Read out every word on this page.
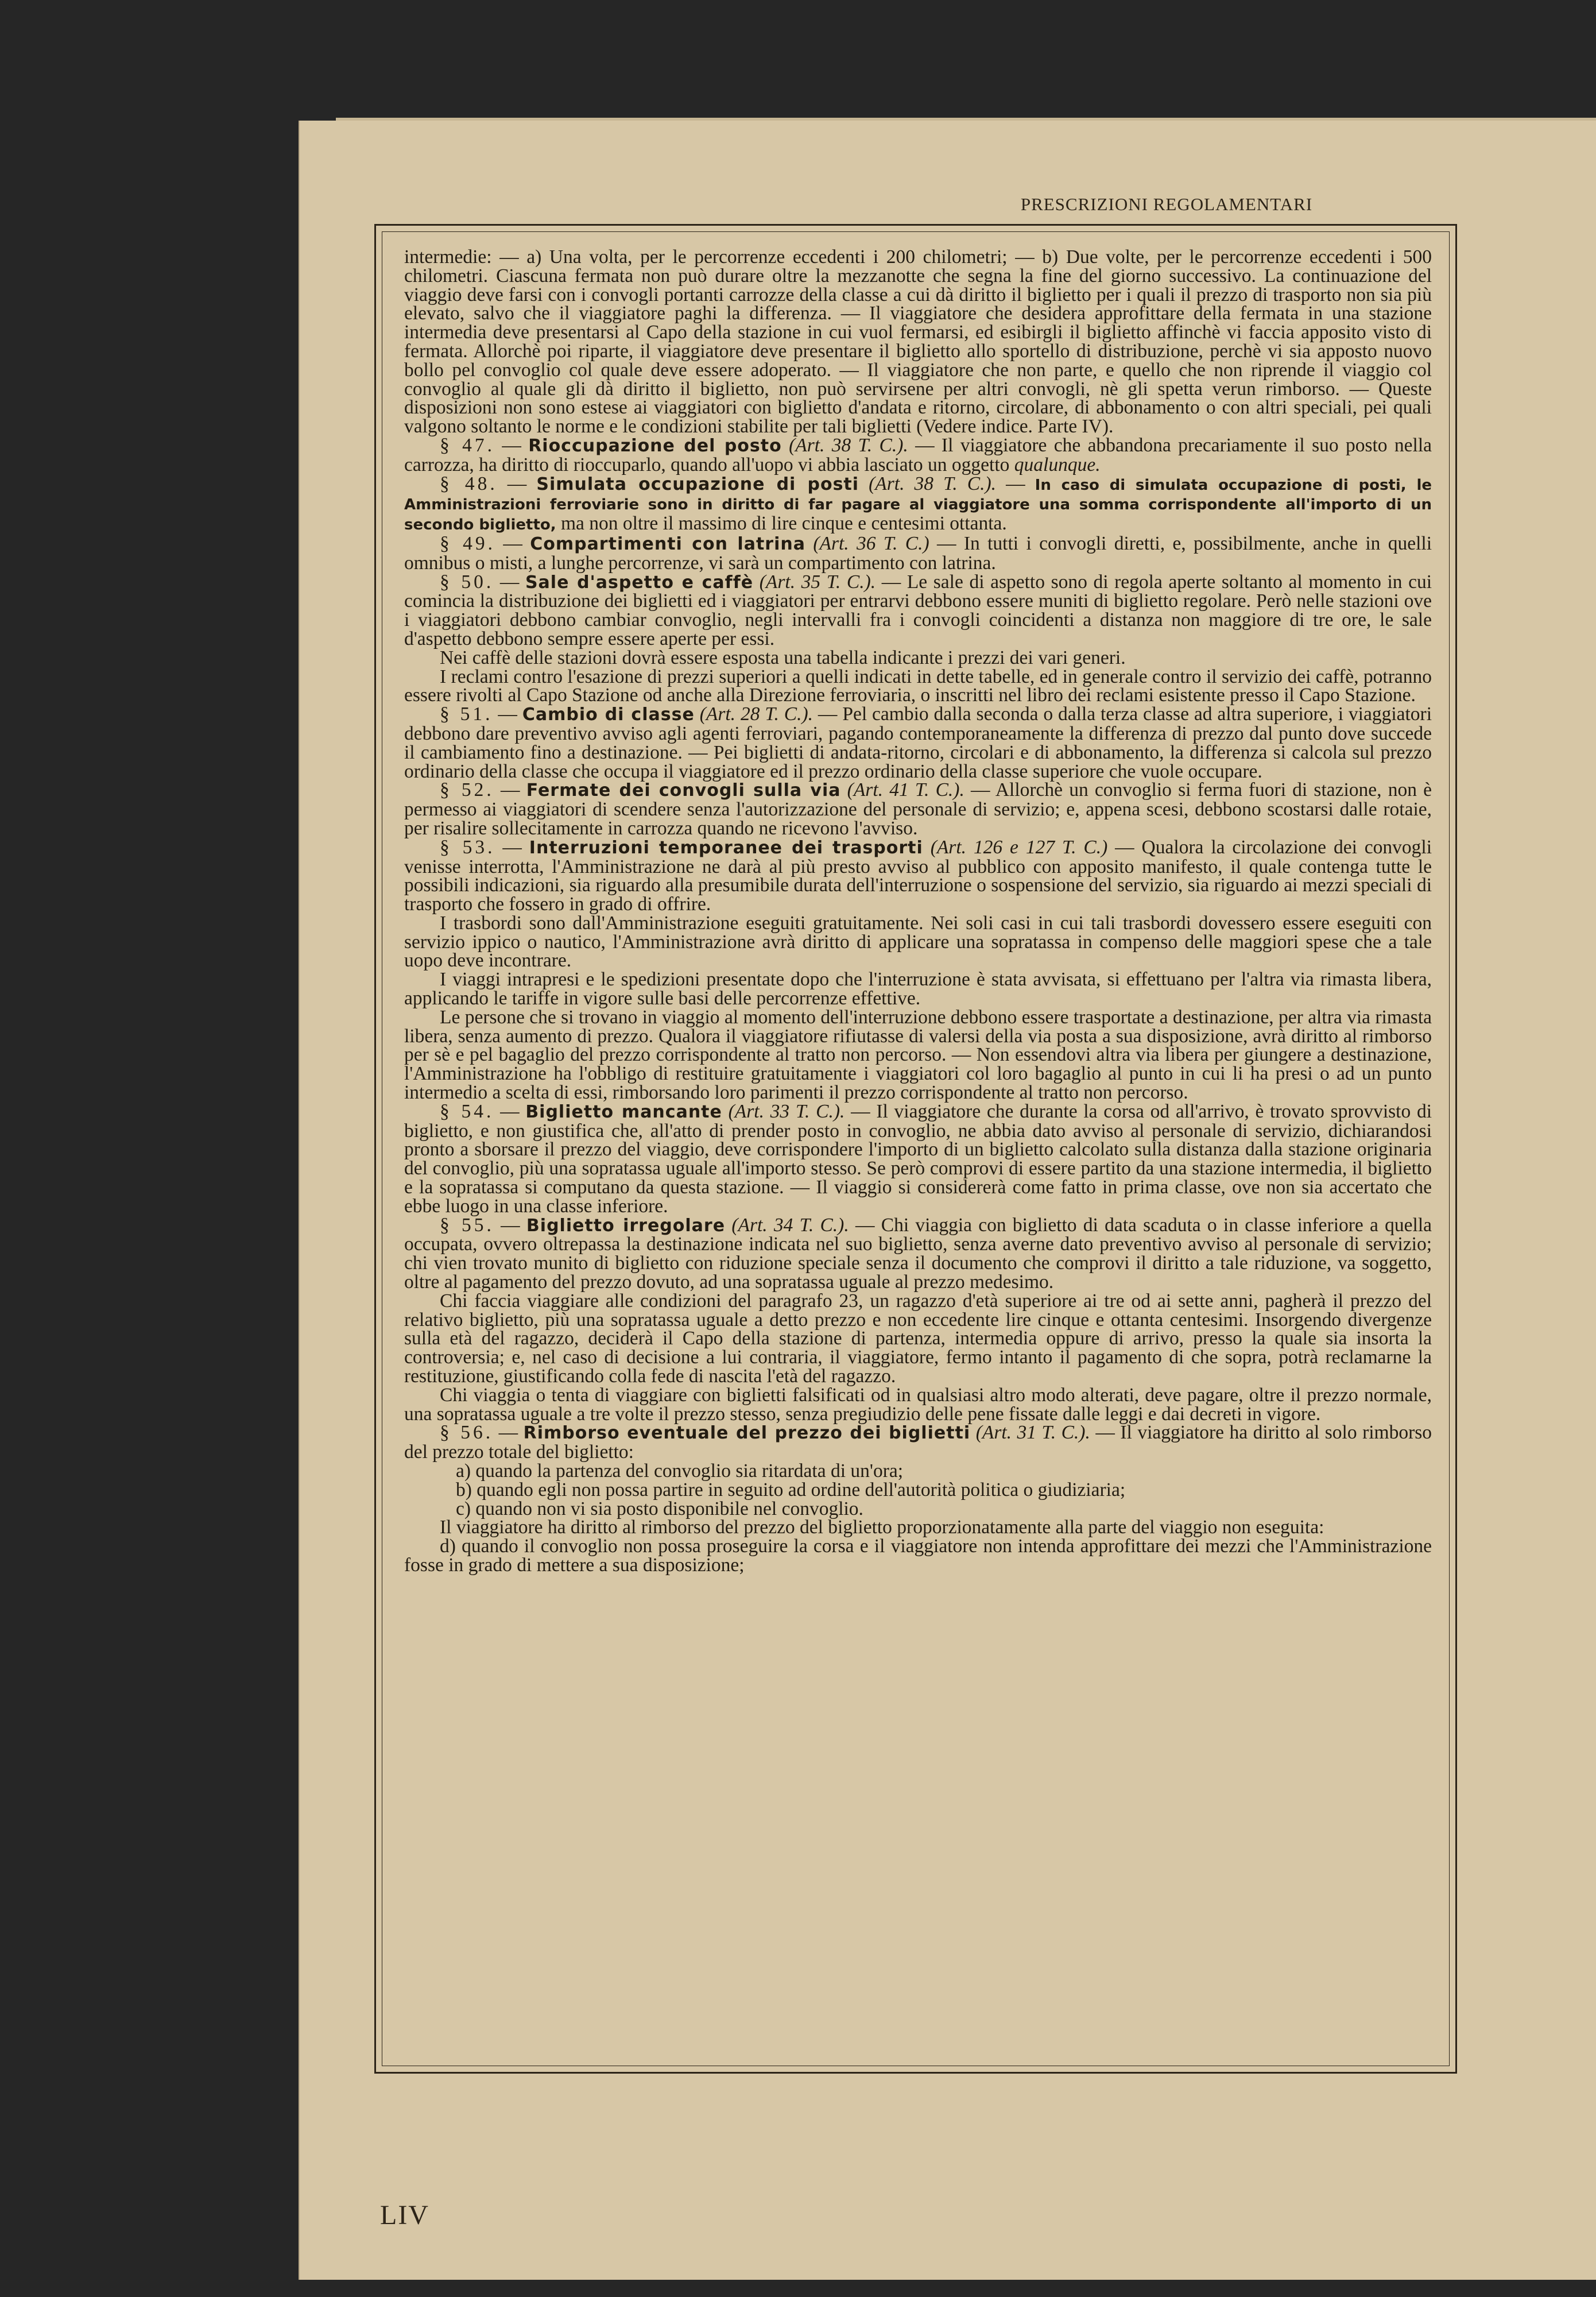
PRESCRIZIONI REGOLAMENTARI

intermedie: — a) Una volta, per le percorrenze eccedenti i 200 chilometri; — b) Due volte, per le percorrenze eccedenti i 500 chilometri. Ciascuna fermata non può durare oltre la mezzanotte che segna la fine del giorno successivo. La continuazione del viaggio deve farsi con i convogli portanti carrozze della classe a cui dà diritto il biglietto per i quali il prezzo di trasporto non sia più elevato, salvo che il viaggiatore paghi la differenza. — Il viaggiatore che desidera approfittare della fermata in una stazione intermedia deve presentarsi al Capo della stazione in cui vuol fermarsi, ed esibirgli il biglietto affinchè vi faccia apposito visto di fermata. Allorchè poi riparte, il viaggiatore deve presentare il biglietto allo sportello di distribuzione, perchè vi sia apposto nuovo bollo pel convoglio col quale deve essere adoperato. — Il viaggiatore che non parte, e quello che non riprende il viaggio col convoglio al quale gli dà diritto il biglietto, non può servirsene per altri convogli, nè gli spetta verun rimborso. — Queste disposizioni non sono estese ai viaggiatori con biglietto d'andata e ritorno, circolare, di abbonamento o con altri speciali, pei quali valgono soltanto le norme e le condizioni stabilite per tali biglietti (Vedere indice. Parte IV).

§ 47. — Rioccupazione del posto (Art. 38 T. C.). — Il viaggiatore che abbandona precariamente il suo posto nella carrozza, ha diritto di rioccuparlo, quando all'uopo vi abbia lasciato un oggetto qualunque.

§ 48. — Simulata occupazione di posti (Art. 38 T. C.). — In caso di simulata occupazione di posti, le Amministrazioni ferroviarie sono in diritto di far pagare al viaggiatore una somma corrispondente all'importo di un secondo biglietto, ma non oltre il massimo di lire cinque e centesimi ottanta.

§ 49. — Compartimenti con latrina (Art. 36 T. C.) — In tutti i convogli diretti, e, possibilmente, anche in quelli omnibus o misti, a lunghe percorrenze, vi sarà un compartimento con latrina.

§ 50. — Sale d'aspetto e caffè (Art. 35 T. C.). — Le sale di aspetto sono di regola aperte soltanto al momento in cui comincia la distribuzione dei biglietti ed i viaggiatori per entrarvi debbono essere muniti di biglietto regolare. Però nelle stazioni ove i viaggiatori debbono cambiar convoglio, negli intervalli fra i convogli coincidenti a distanza non maggiore di tre ore, le sale d'aspetto debbono sempre essere aperte per essi.

Nei caffè delle stazioni dovrà essere esposta una tabella indicante i prezzi dei vari generi.

I reclami contro l'esazione di prezzi superiori a quelli indicati in dette tabelle, ed in generale contro il servizio dei caffè, potranno essere rivolti al Capo Stazione od anche alla Direzione ferroviaria, o inscritti nel libro dei reclami esistente presso il Capo Stazione.

§ 51. — Cambio di classe (Art. 28 T. C.). — Pel cambio dalla seconda o dalla terza classe ad altra superiore, i viaggiatori debbono dare preventivo avviso agli agenti ferroviari, pagando contemporaneamente la differenza di prezzo dal punto dove succede il cambiamento fino a destinazione. — Pei biglietti di andata-ritorno, circolari e di abbonamento, la differenza si calcola sul prezzo ordinario della classe che occupa il viaggiatore ed il prezzo ordinario della classe superiore che vuole occupare.

§ 52. — Fermate dei convogli sulla via (Art. 41 T. C.). — Allorchè un convoglio si ferma fuori di stazione, non è permesso ai viaggiatori di scendere senza l'autorizzazione del personale di servizio; e, appena scesi, debbono scostarsi dalle rotaie, per risalire sollecitamente in carrozza quando ne ricevono l'avviso.

§ 53. — Interruzioni temporanee dei trasporti (Art. 126 e 127 T. C.) — Qualora la circolazione dei convogli venisse interrotta, l'Amministrazione ne darà al più presto avviso al pubblico con apposito manifesto, il quale contenga tutte le possibili indicazioni, sia riguardo alla presumibile durata dell'interruzione o sospensione del servizio, sia riguardo ai mezzi speciali di trasporto che fossero in grado di offrire.

I trasbordi sono dall'Amministrazione eseguiti gratuitamente. Nei soli casi in cui tali trasbordi dovessero essere eseguiti con servizio ippico o nautico, l'Amministrazione avrà diritto di applicare una sopratassa in compenso delle maggiori spese che a tale uopo deve incontrare.

I viaggi intrapresi e le spedizioni presentate dopo che l'interruzione è stata avvisata, si effettuano per l'altra via rimasta libera, applicando le tariffe in vigore sulle basi delle percorrenze effettive.

Le persone che si trovano in viaggio al momento dell'interruzione debbono essere trasportate a destinazione, per altra via rimasta libera, senza aumento di prezzo. Qualora il viaggiatore rifiutasse di valersi della via posta a sua disposizione, avrà diritto al rimborso per sè e pel bagaglio del prezzo corrispondente al tratto non percorso. — Non essendovi altra via libera per giungere a destinazione, l'Amministrazione ha l'obbligo di restituire gratuitamente i viaggiatori col loro bagaglio al punto in cui li ha presi o ad un punto intermedio a scelta di essi, rimborsando loro parimenti il prezzo corrispondente al tratto non percorso.

§ 54. — Biglietto mancante (Art. 33 T. C.). — Il viaggiatore che durante la corsa od all'arrivo, è trovato sprovvisto di biglietto, e non giustifica che, all'atto di prender posto in convoglio, ne abbia dato avviso al personale di servizio, dichiarandosi pronto a sborsare il prezzo del viaggio, deve corrispondere l'importo di un biglietto calcolato sulla distanza dalla stazione originaria del convoglio, più una sopratassa uguale all'importo stesso. Se però comprovi di essere partito da una stazione intermedia, il biglietto e la sopratassa si computano da questa stazione. — Il viaggio si considererà come fatto in prima classe, ove non sia accertato che ebbe luogo in una classe inferiore.

§ 55. — Biglietto irregolare (Art. 34 T. C.). — Chi viaggia con biglietto di data scaduta o in classe inferiore a quella occupata, ovvero oltrepassa la destinazione indicata nel suo biglietto, senza averne dato preventivo avviso al personale di servizio; chi vien trovato munito di biglietto con riduzione speciale senza il documento che comprovi il diritto a tale riduzione, va soggetto, oltre al pagamento del prezzo dovuto, ad una sopratassa uguale al prezzo medesimo.

Chi faccia viaggiare alle condizioni del paragrafo 23, un ragazzo d'età superiore ai tre od ai sette anni, pagherà il prezzo del relativo biglietto, più una sopratassa uguale a detto prezzo e non eccedente lire cinque e ottanta centesimi. Insorgendo divergenze sulla età del ragazzo, deciderà il Capo della stazione di partenza, intermedia oppure di arrivo, presso la quale sia insorta la controversia; e, nel caso di decisione a lui contraria, il viaggiatore, fermo intanto il pagamento di che sopra, potrà reclamarne la restituzione, giustificando colla fede di nascita l'età del ragazzo.

Chi viaggia o tenta di viaggiare con biglietti falsificati od in qualsiasi altro modo alterati, deve pagare, oltre il prezzo normale, una sopratassa uguale a tre volte il prezzo stesso, senza pregiudizio delle pene fissate dalle leggi e dai decreti in vigore.

§ 56. — Rimborso eventuale del prezzo dei biglietti (Art. 31 T. C.). — Il viaggiatore ha diritto al solo rimborso del prezzo totale del biglietto:

a) quando la partenza del convoglio sia ritardata di un'ora;

b) quando egli non possa partire in seguito ad ordine dell'autorità politica o giudiziaria;

c) quando non vi sia posto disponibile nel convoglio.

Il viaggiatore ha diritto al rimborso del prezzo del biglietto proporzionatamente alla parte del viaggio non eseguita:

d) quando il convoglio non possa proseguire la corsa e il viaggiatore non intenda approfittare dei mezzi che l'Amministrazione fosse in grado di mettere a sua disposizione;

LIV
